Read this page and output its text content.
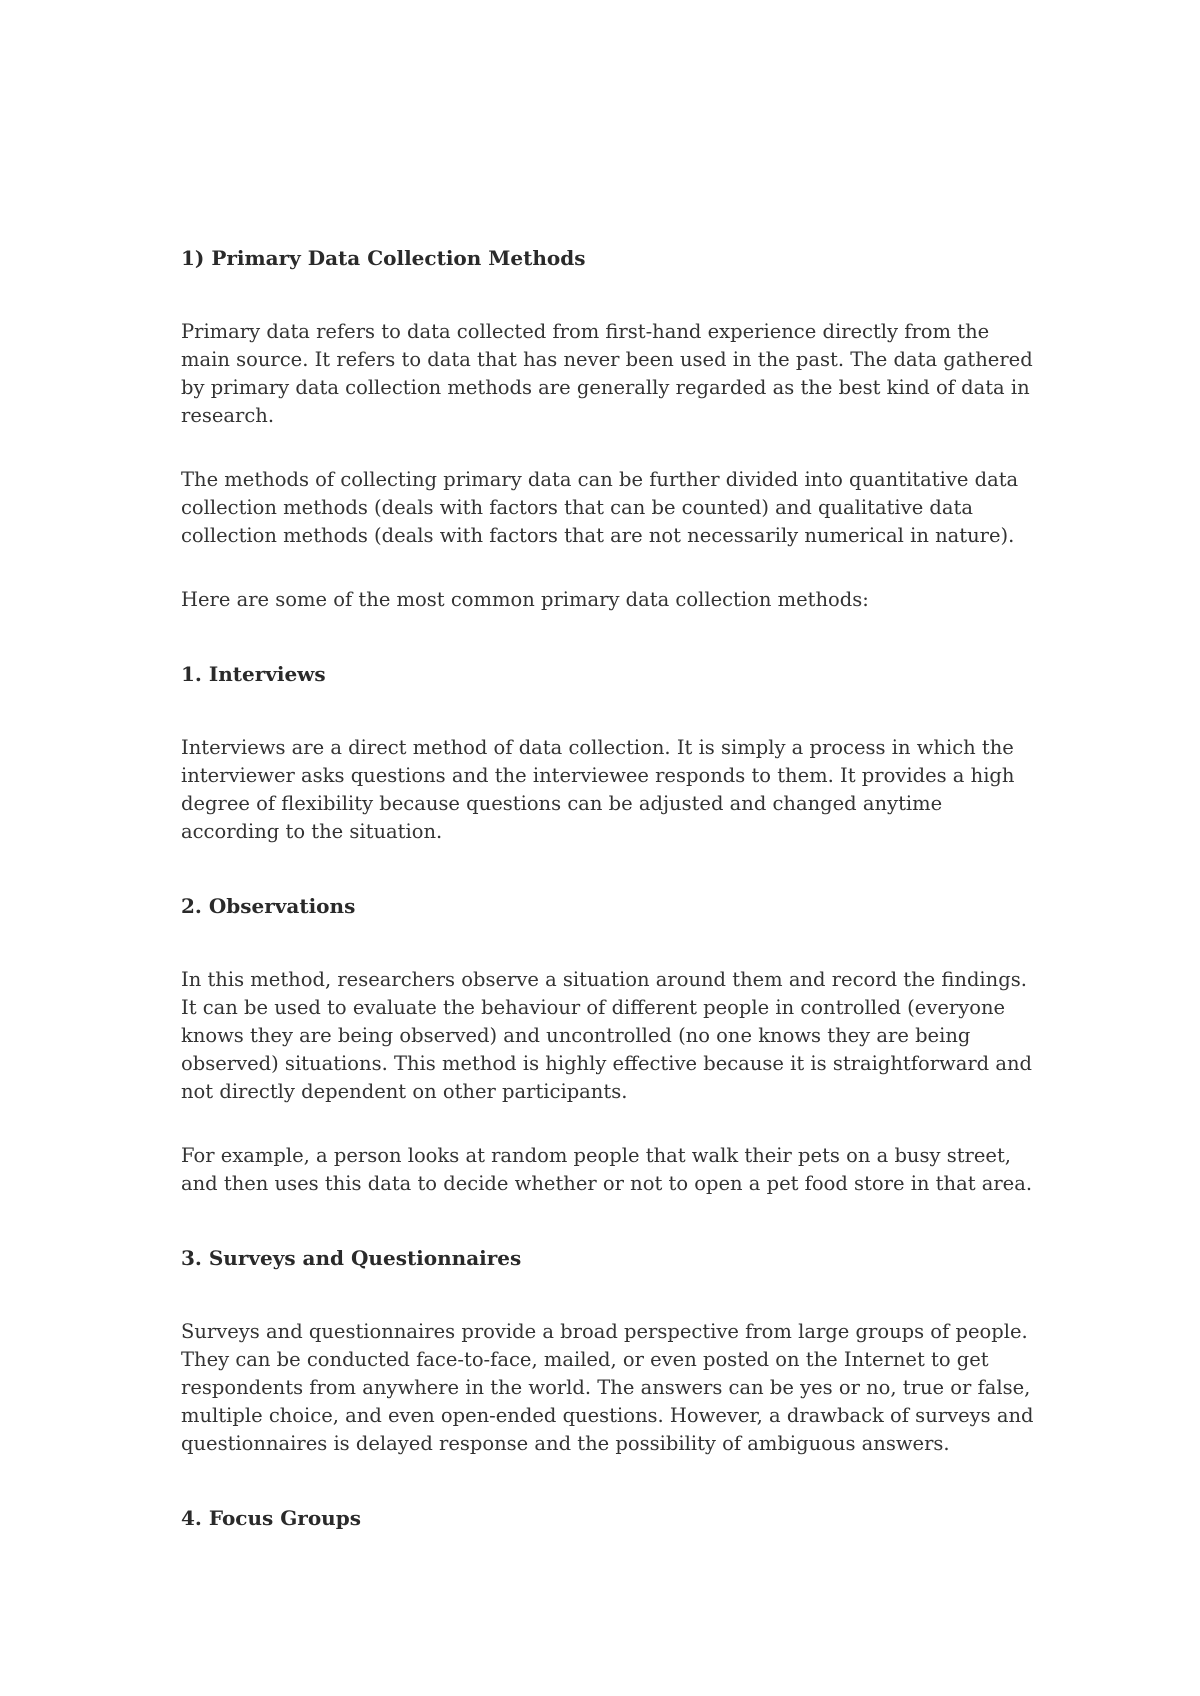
1) Primary Data Collection Methods

Primary data refers to data collected from first-hand experience directly from the main source. It refers to data that has never been used in the past. The data gathered by primary data collection methods are generally regarded as the best kind of data in research.

The methods of collecting primary data can be further divided into quantitative data collection methods (deals with factors that can be counted) and qualitative data collection methods (deals with factors that are not necessarily numerical in nature).

Here are some of the most common primary data collection methods:

1. Interviews

Interviews are a direct method of data collection. It is simply a process in which the interviewer asks questions and the interviewee responds to them. It provides a high degree of flexibility because questions can be adjusted and changed anytime according to the situation.

2. Observations

In this method, researchers observe a situation around them and record the findings. It can be used to evaluate the behaviour of different people in controlled (everyone knows they are being observed) and uncontrolled (no one knows they are being observed) situations. This method is highly effective because it is straightforward and not directly dependent on other participants.

For example, a person looks at random people that walk their pets on a busy street, and then uses this data to decide whether or not to open a pet food store in that area.

3. Surveys and Questionnaires

Surveys and questionnaires provide a broad perspective from large groups of people. They can be conducted face-to-face, mailed, or even posted on the Internet to get respondents from anywhere in the world. The answers can be yes or no, true or false, multiple choice, and even open-ended questions. However, a drawback of surveys and questionnaires is delayed response and the possibility of ambiguous answers.

4. Focus Groups
